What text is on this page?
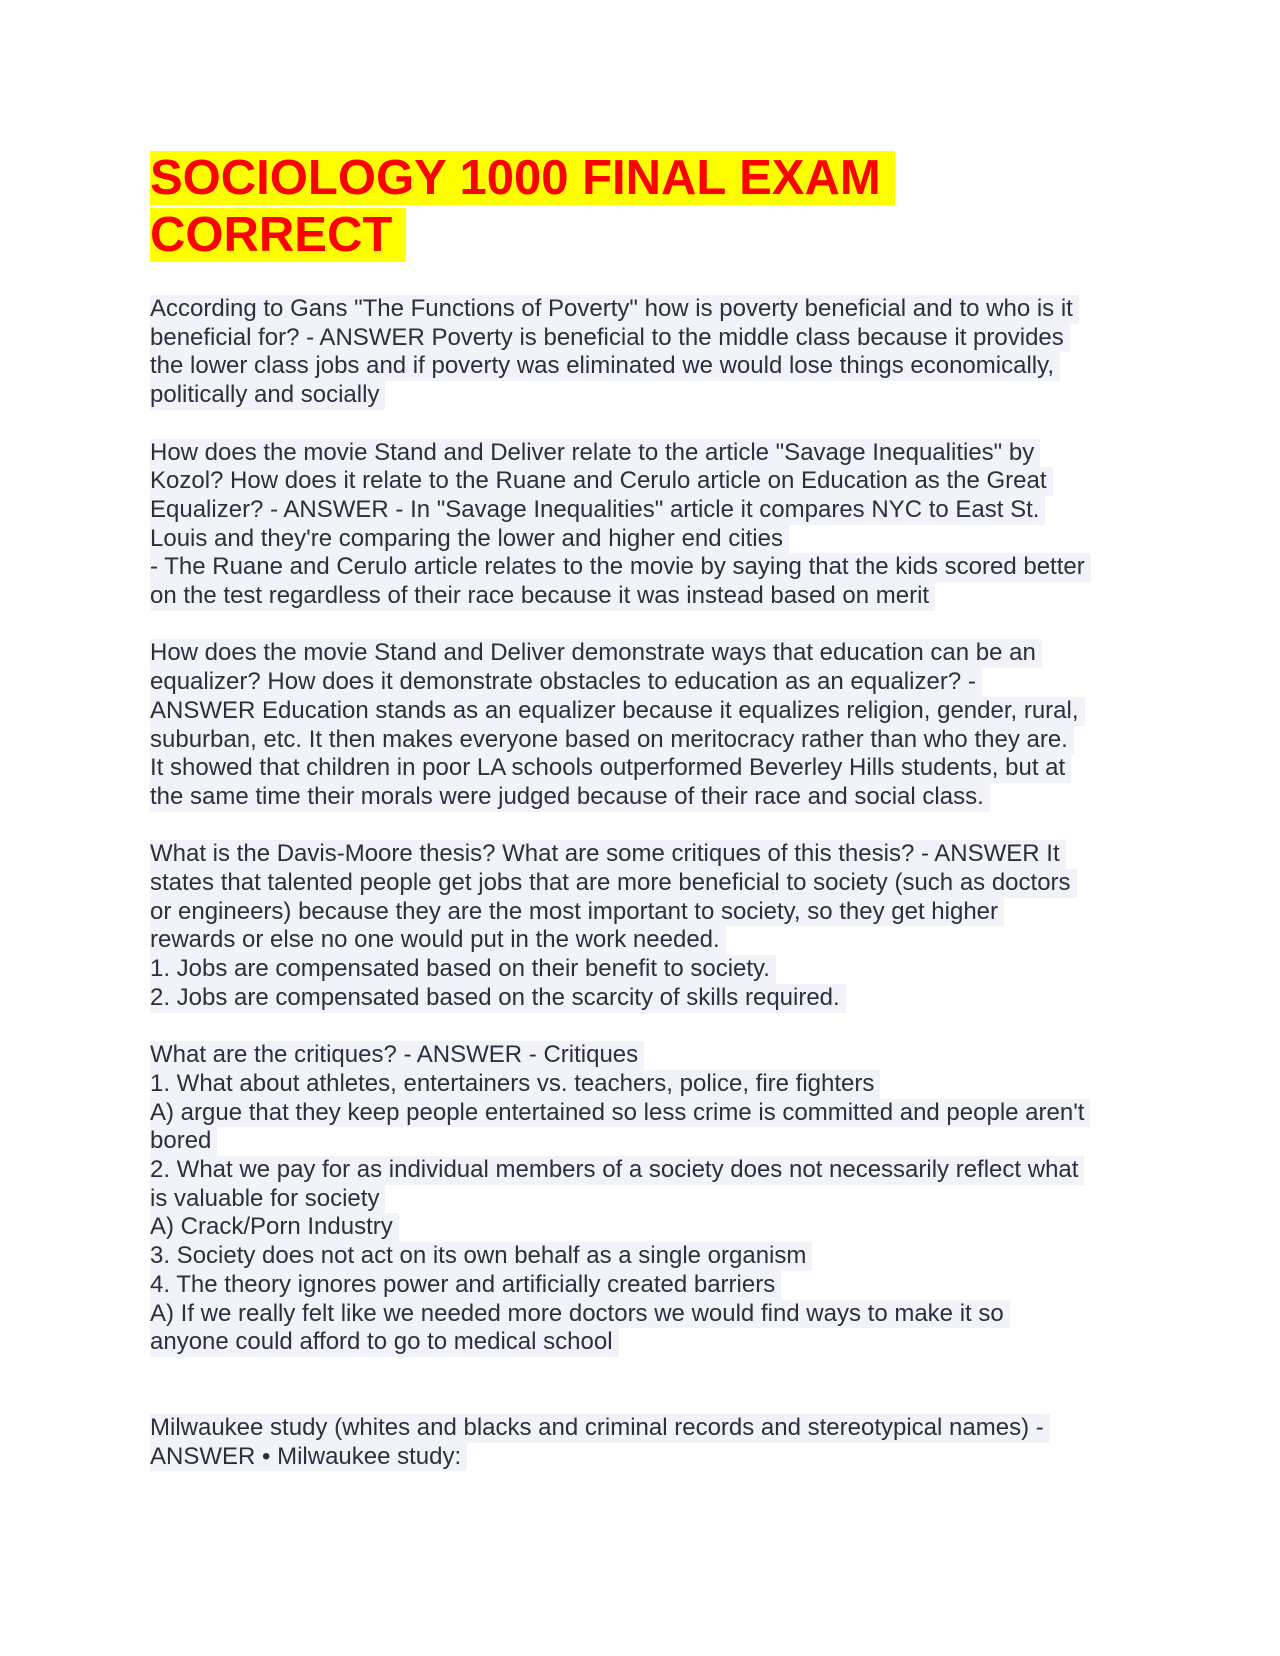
SOCIOLOGY 1000 FINAL EXAM
CORRECT
According to Gans "The Functions of Poverty" how is poverty beneficial and to who is it
beneficial for? - ANSWER Poverty is beneficial to the middle class because it provides
the lower class jobs and if poverty was eliminated we would lose things economically,
politically and socially
How does the movie Stand and Deliver relate to the article "Savage Inequalities" by
Kozol? How does it relate to the Ruane and Cerulo article on Education as the Great
Equalizer? - ANSWER - In "Savage Inequalities" article it compares NYC to East St.
Louis and they're comparing the lower and higher end cities
- The Ruane and Cerulo article relates to the movie by saying that the kids scored better
on the test regardless of their race because it was instead based on merit
How does the movie Stand and Deliver demonstrate ways that education can be an
equalizer? How does it demonstrate obstacles to education as an equalizer? -
ANSWER Education stands as an equalizer because it equalizes religion, gender, rural,
suburban, etc. It then makes everyone based on meritocracy rather than who they are.
It showed that children in poor LA schools outperformed Beverley Hills students, but at
the same time their morals were judged because of their race and social class.
What is the Davis-Moore thesis? What are some critiques of this thesis? - ANSWER It
states that talented people get jobs that are more beneficial to society (such as doctors
or engineers) because they are the most important to society, so they get higher
rewards or else no one would put in the work needed.
1. Jobs are compensated based on their benefit to society.
2. Jobs are compensated based on the scarcity of skills required.
What are the critiques? - ANSWER - Critiques
1. What about athletes, entertainers vs. teachers, police, fire fighters
A) argue that they keep people entertained so less crime is committed and people aren't
bored
2. What we pay for as individual members of a society does not necessarily reflect what
is valuable for society
A) Crack/Porn Industry
3. Society does not act on its own behalf as a single organism
4. The theory ignores power and artificially created barriers
A) If we really felt like we needed more doctors we would find ways to make it so
anyone could afford to go to medical school
Milwaukee study (whites and blacks and criminal records and stereotypical names) -
ANSWER • Milwaukee study:
